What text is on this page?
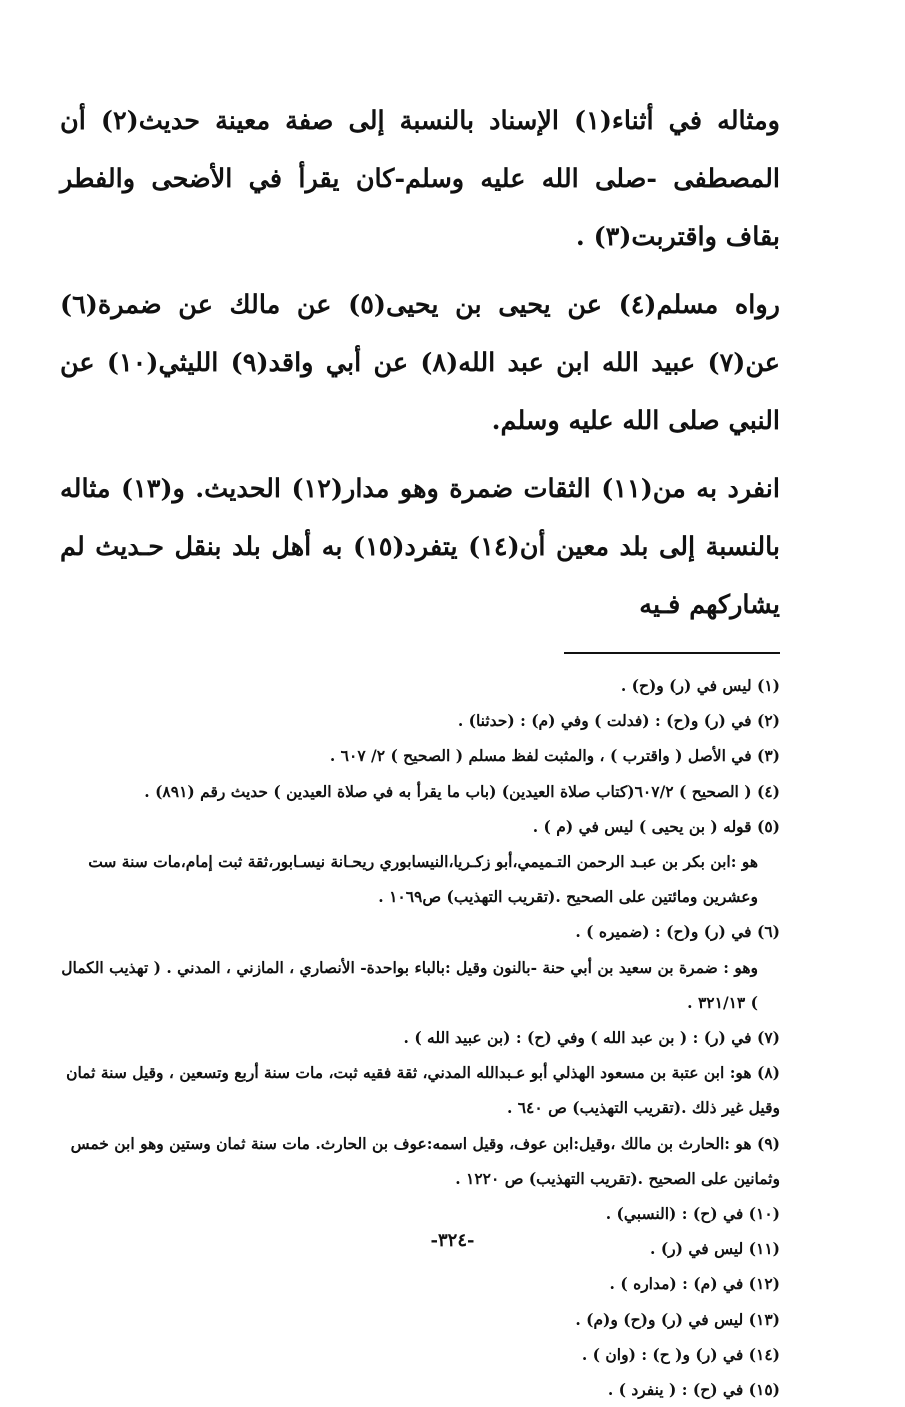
ومثاله في أثناء(١) الإسناد بالنسبة إلى صفة معينة حديث(٢) أن المصطفى -صلى الله عليه وسلم-كان يقرأ في الأضحى والفطر بقاف واقتربت(٣) .

رواه مسلم(٤) عن يحيى بن يحيى(٥) عن مالك عن ضمرة(٦) عن(٧) عبيد الله ابن عبد الله(٨) عن أبي واقد(٩) الليثي(١٠) عن النبي صلى الله عليه وسلم.

انفرد به من(١١) الثقات ضمرة وهو مدار(١٢) الحديث. و(١٣) مثاله بالنسبة إلى بلد معين أن(١٤) يتفرد(١٥) به أهل بلد بنقل حـديث لم يشاركهم فـيه

(١) ليس في (ر) و(ح) .

(٢) في (ر) و(ح) : (فدلت ) وفي (م) : (حدثنا) .

(٣) في الأصل ( واقترب ) ، والمثبت لفظ مسلم ( الصحيح ) ٢/ ٦٠٧ .

(٤) ( الصحيح ) ٦٠٧/٢(كتاب صلاة العيدين) (باب ما يقرأ به في صلاة العيدين ) حديث رقم (٨٩١) .

(٥) قوله ( بن يحيى ) ليس في (م ) .

هو :ابن بكر بن عبـد الرحمن التـميمي،أبو زكـريا،النيسابوري ريحـانة نيسـابور،ثقة ثبت إمام،مات سنة ست وعشرين ومائتين على الصحيح .(تقريب التهذيب) ص١٠٦٩ .

(٦) في (ر) و(ح) : (ضميره ) .

وهو : ضمرة بن سعيد بن أبي حنة -بالنون وقيل :بالباء بواحدة- الأنصاري ، المازني ، المدني . ( تهذيب الكمال ) ٣٢١/١٣ .

(٧) في (ر) : ( بن عبد الله ) وفي (ح) : (بن عبيد الله ) .

(٨) هو: ابن عتبة بن مسعود الهذلي أبو عـبدالله المدني، ثقة فقيه ثبت، مات سنة أربع وتسعين ، وقيل سنة ثمان وقيل غير ذلك .(تقريب التهذيب) ص ٦٤٠ .

(٩) هو :الحارث بن مالك ،وقيل:ابن عوف، وقيل اسمه:عوف بن الحارث. مات سنة ثمان وستين وهو ابن خمس وثمانين على الصحيح .(تقريب التهذيب) ص ١٢٢٠ .

(١٠) في (ح) : (النسبي) .

(١١) ليس في (ر) .

(١٢) في (م) : (مداره ) .

(١٣) ليس في (ر) و(ح) و(م) .

(١٤) في (ر) و( ح) : (وان ) .

(١٥) في (ح) : ( ينفرد ) .

-٣٢٤-
